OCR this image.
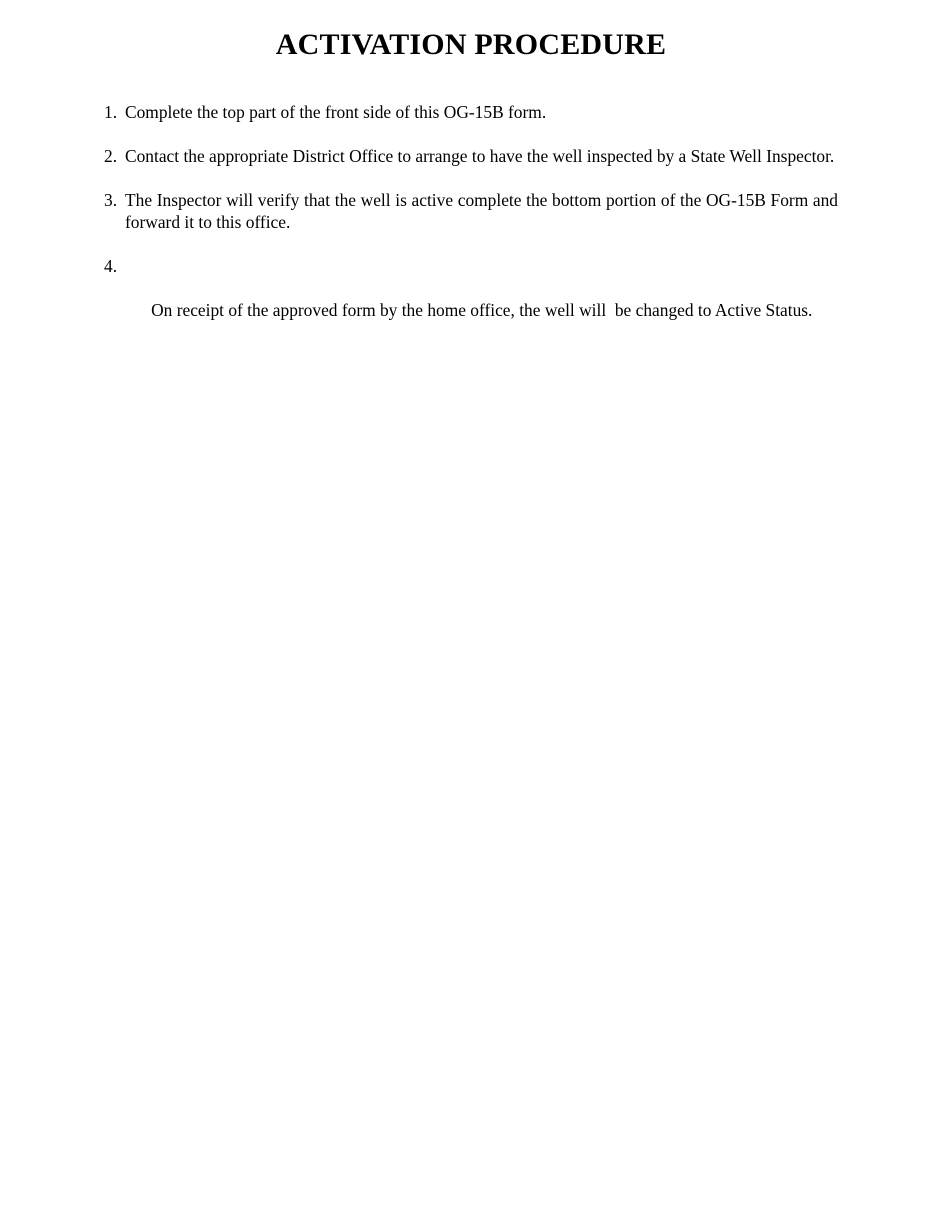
ACTIVATION PROCEDURE
1. Complete the top part of the front side of this OG-15B form.
2. Contact the appropriate District Office to arrange to have the well inspected by a State Well Inspector.
3. The Inspector will verify that the well is active complete the bottom portion of the OG-15B Form and forward it to this office.

4.

On receipt of the approved form by the home office, the well will  be changed to Active Status.
